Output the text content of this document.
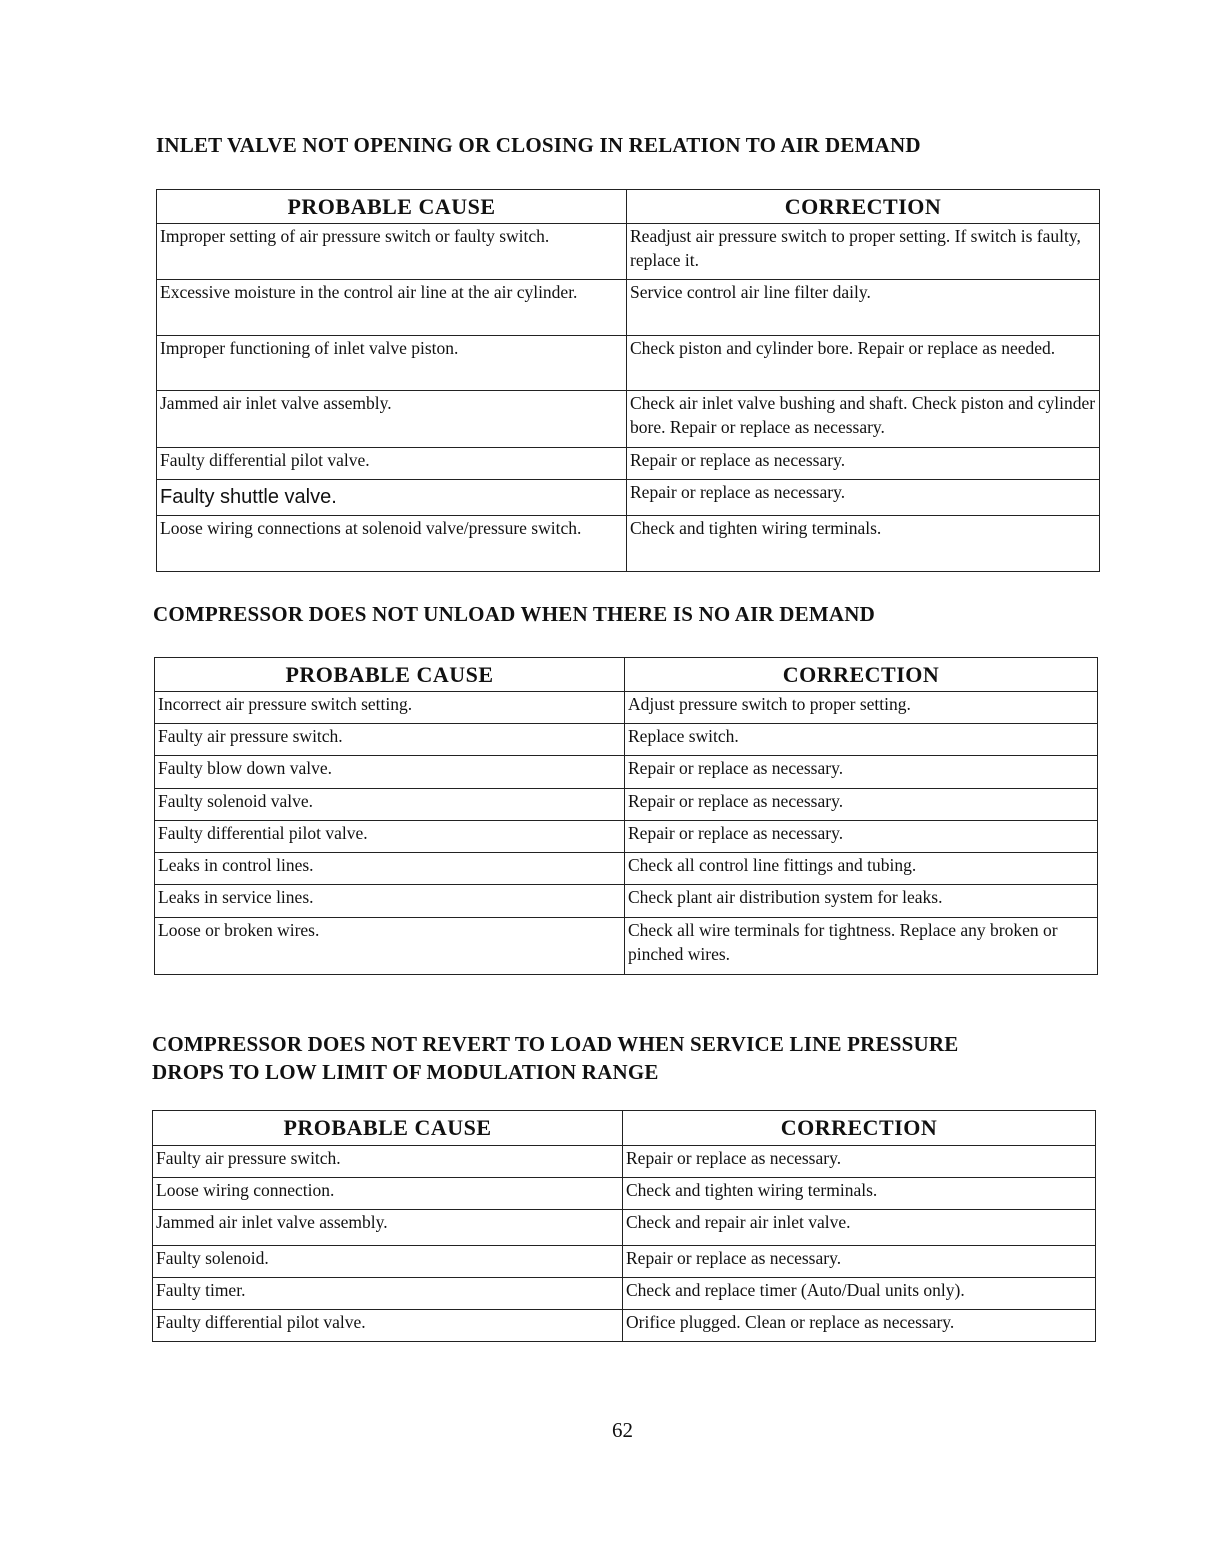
INLET VALVE NOT OPENING OR CLOSING IN RELATION TO AIR DEMAND
PROBABLE CAUSE	CORRECTION
Improper setting of air pressure switch or faulty switch.	Readjust air pressure switch to proper setting. If switch is faulty, replace it.
Excessive moisture in the control air line at the air cylinder.	Service control air line filter daily.
Improper functioning of inlet valve piston.	Check piston and cylinder bore. Repair or replace as needed.
Jammed air inlet valve assembly.	Check air inlet valve bushing and shaft. Check piston and cylinder bore. Repair or replace as necessary.
Faulty differential pilot valve.	Repair or replace as necessary.
Faulty shuttle valve.	Repair or replace as necessary.
Loose wiring connections at solenoid valve/pressure switch.	Check and tighten wiring terminals.
COMPRESSOR DOES NOT UNLOAD WHEN THERE IS NO AIR DEMAND
PROBABLE CAUSE	CORRECTION
Incorrect air pressure switch setting.	Adjust pressure switch to proper setting.
Faulty air pressure switch.	Replace switch.
Faulty blow down valve.	Repair or replace as necessary.
Faulty solenoid valve.	Repair or replace as necessary.
Faulty differential pilot valve.	Repair or replace as necessary.
Leaks in control lines.	Check all control line fittings and tubing.
Leaks in service lines.	Check plant air distribution system for leaks.
Loose or broken wires.	Check all wire terminals for tightness. Replace any broken or pinched wires.
COMPRESSOR DOES NOT REVERT TO LOAD WHEN SERVICE LINE PRESSURE
DROPS TO LOW LIMIT OF MODULATION RANGE
PROBABLE CAUSE	CORRECTION
Faulty air pressure switch.	Repair or replace as necessary.
Loose wiring connection.	Check and tighten wiring terminals.
Jammed air inlet valve assembly.	Check and repair air inlet valve.
Faulty solenoid.	Repair or replace as necessary.
Faulty timer.	Check and replace timer (Auto/Dual units only).
Faulty differential pilot valve.	Orifice plugged. Clean or replace as necessary.
62
